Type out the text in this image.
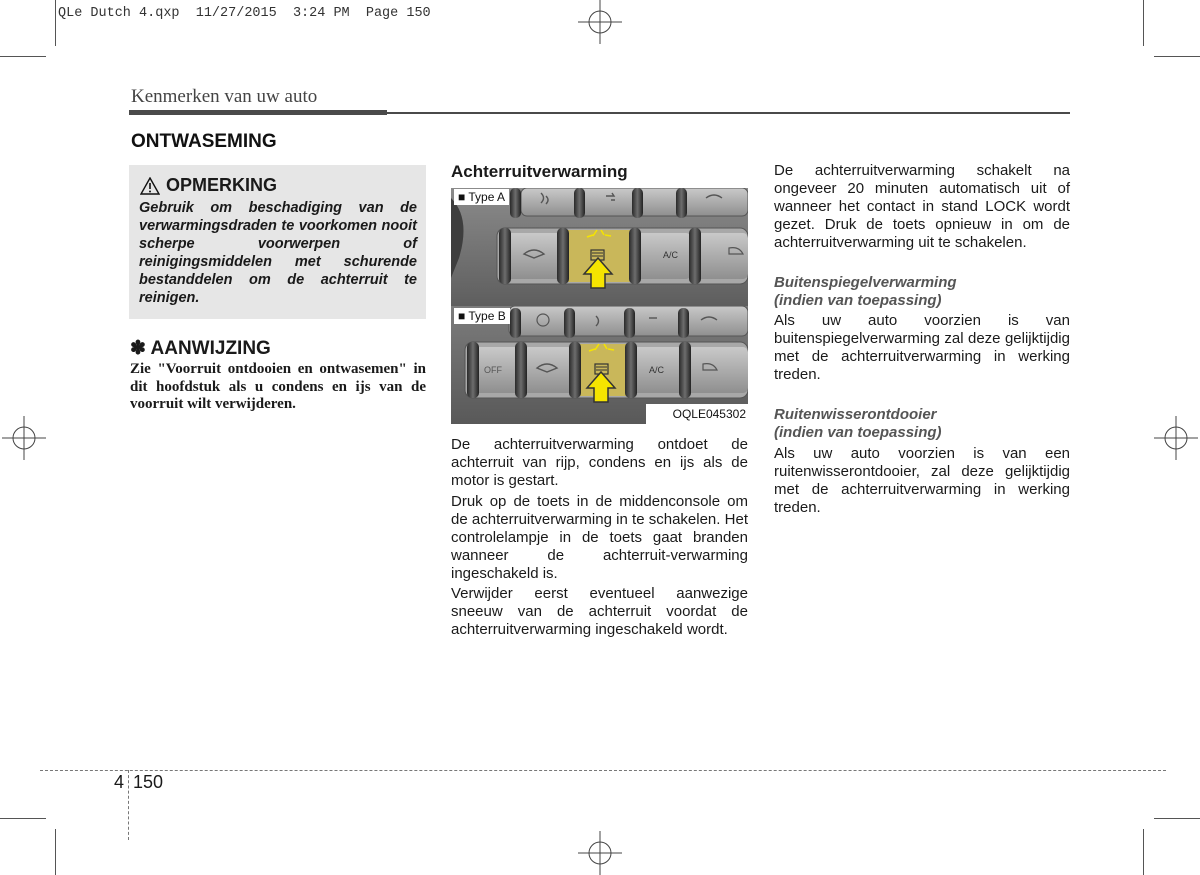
QLe Dutch 4.qxp  11/27/2015  3:24 PM  Page 150
Kenmerken van uw auto
ONTWASEMING
OPMERKING
Gebruik om beschadiging van de verwarmingsdraden te voorkomen nooit scherpe voorwerpen of reinigingsmiddelen met schurende bestanddelen om de achterruit te reinigen.
✽ AANWIJZING
Zie "Voorruit ontdooien en ontwasemen" in dit hoofdstuk als u condens en ijs van de voorruit wilt verwijderen.
Achterruitverwarming
A/C
■ Type A
OFF	A/C
■ Type B
OQLE045302
De achterruitverwarming ontdoet de achterruit van rijp, condens en ijs als de motor is gestart.
Druk op de toets in de middenconsole om de achterruitverwarming in te schakelen. Het controlelampje in de toets gaat branden wanneer de achterruit-verwarming ingeschakeld is.
Verwijder eerst eventueel aanwezige sneeuw van de achterruit voordat de achterruitverwarming ingeschakeld wordt.
De achterruitverwarming schakelt na ongeveer 20 minuten automatisch uit of wanneer het contact in stand LOCK wordt gezet. Druk de toets opnieuw in om de achterruitverwarming uit te schakelen.
Buitenspiegelverwarming
(indien van toepassing)
Als uw auto voorzien is van buitenspiegelverwarming zal deze gelijktijdig met de achterruitverwarming in werking treden.
Ruitenwisserontdooier
(indien van toepassing)
Als uw auto voorzien is van een ruitenwisserontdooier, zal deze gelijktijdig met de achterruitverwarming in werking treden.
4 150
